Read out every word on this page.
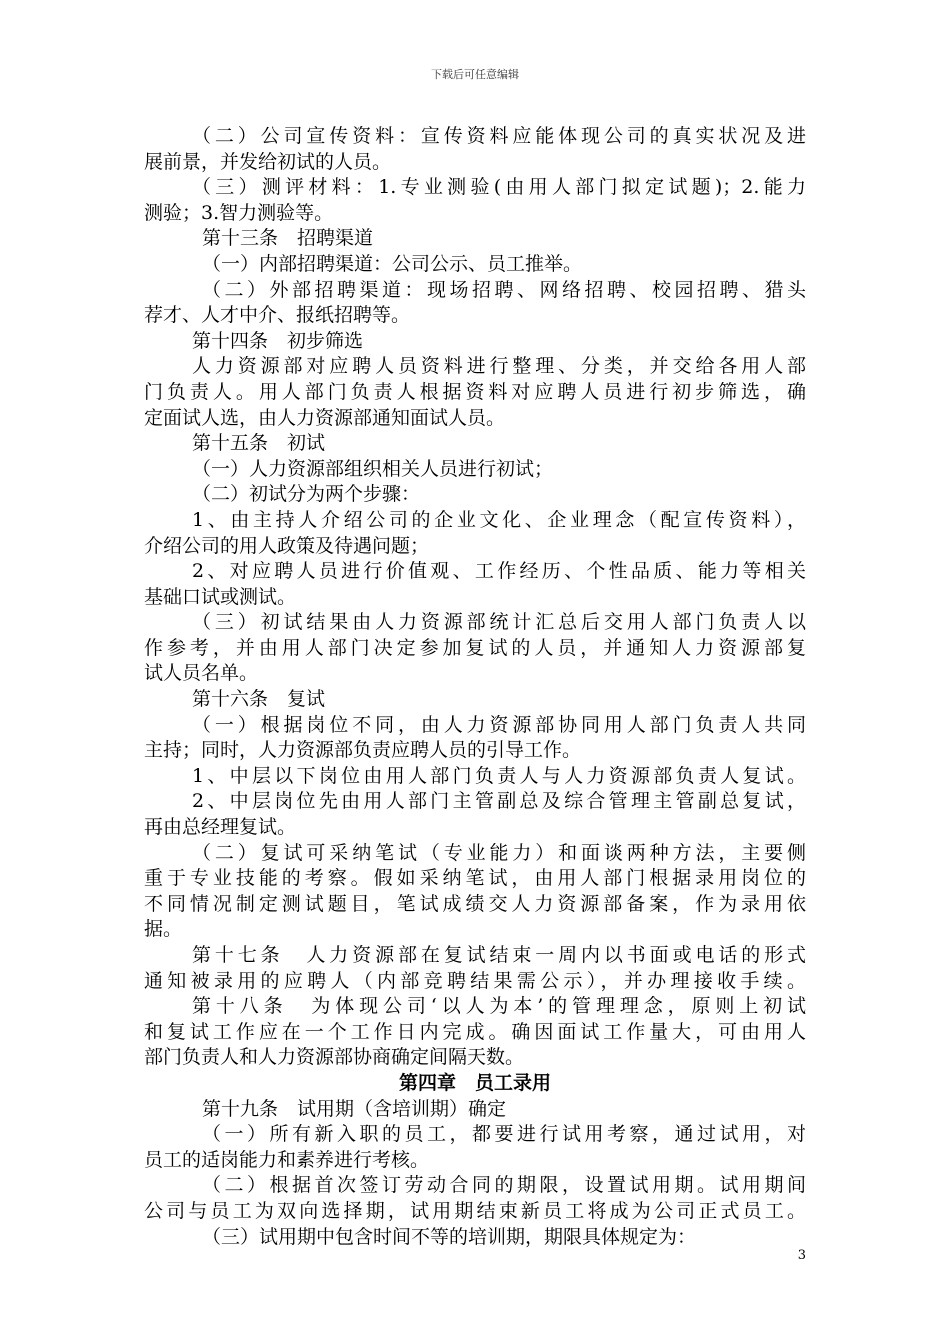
下载后可任意编辑
（二）公司宣传资料：宣传资料应能体现公司的真实状况及进
展前景，并发给初试的人员。
（三）测评材料：1.专业测验(由用人部门拟定试题)；2.能力
测验；3.智力测验等。
第十三条　招聘渠道
（一）内部招聘渠道：公司公示、员工推举。
（二）外部招聘渠道：现场招聘、网络招聘、校园招聘、猎头
荐才、人才中介、报纸招聘等。
第十四条　初步筛选
人力资源部对应聘人员资料进行整理、分类，并交给各用人部
门负责人。用人部门负责人根据资料对应聘人员进行初步筛选，确
定面试人选，由人力资源部通知面试人员。
第十五条　初试
（一）人力资源部组织相关人员进行初试；
（二）初试分为两个步骤：
1、由主持人介绍公司的企业文化、企业理念（配宣传资料），
介绍公司的用人政策及待遇问题；
2、对应聘人员进行价值观、工作经历、个性品质、能力等相关
基础口试或测试。
（三）初试结果由人力资源部统计汇总后交用人部门负责人以
作参考，并由用人部门决定参加复试的人员，并通知人力资源部复
试人员名单。
第十六条　复试
（一）根据岗位不同，由人力资源部协同用人部门负责人共同
主持；同时，人力资源部负责应聘人员的引导工作。
1、中层以下岗位由用人部门负责人与人力资源部负责人复试。
2、中层岗位先由用人部门主管副总及综合管理主管副总复试，
再由总经理复试。
（二）复试可采纳笔试（专业能力）和面谈两种方法，主要侧
重于专业技能的考察。假如采纳笔试，由用人部门根据录用岗位的
不同情况制定测试题目，笔试成绩交人力资源部备案，作为录用依
据。
第十七条　人力资源部在复试结束一周内以书面或电话的形式
通知被录用的应聘人（内部竞聘结果需公示），并办理接收手续。
第十八条　为体现公司‘以人为本’的管理理念，原则上初试
和复试工作应在一个工作日内完成。确因面试工作量大，可由用人
部门负责人和人力资源部协商确定间隔天数。
第四章　员工录用
第十九条　试用期（含培训期）确定
（一）所有新入职的员工，都要进行试用考察，通过试用，对
员工的适岗能力和素养进行考核。
（二）根据首次签订劳动合同的期限，设置试用期。试用期间
公司与员工为双向选择期，试用期结束新员工将成为公司正式员工。
（三）试用期中包含时间不等的培训期，期限具体规定为：
3
